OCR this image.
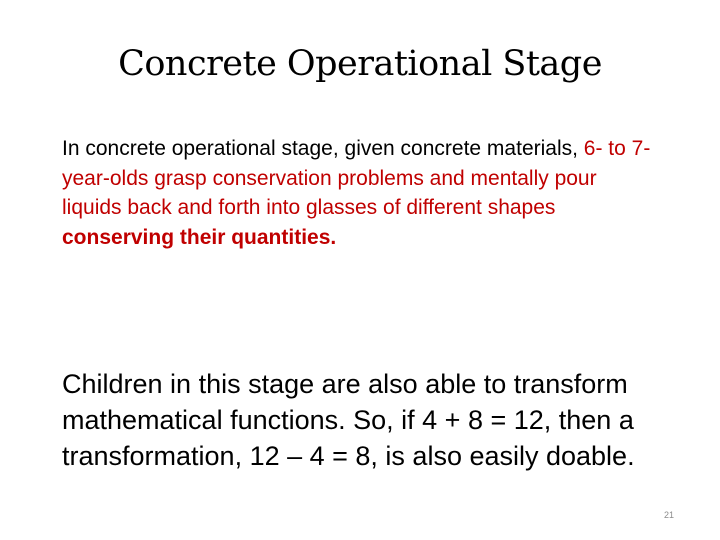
Concrete Operational Stage
In concrete operational stage, given concrete materials, 6- to 7-year-olds grasp conservation problems and mentally pour liquids back and forth into glasses of different shapes conserving their quantities.
Children in this stage are also able to transform mathematical functions. So, if 4 + 8 = 12, then a transformation, 12 – 4 = 8, is also easily doable.
21
